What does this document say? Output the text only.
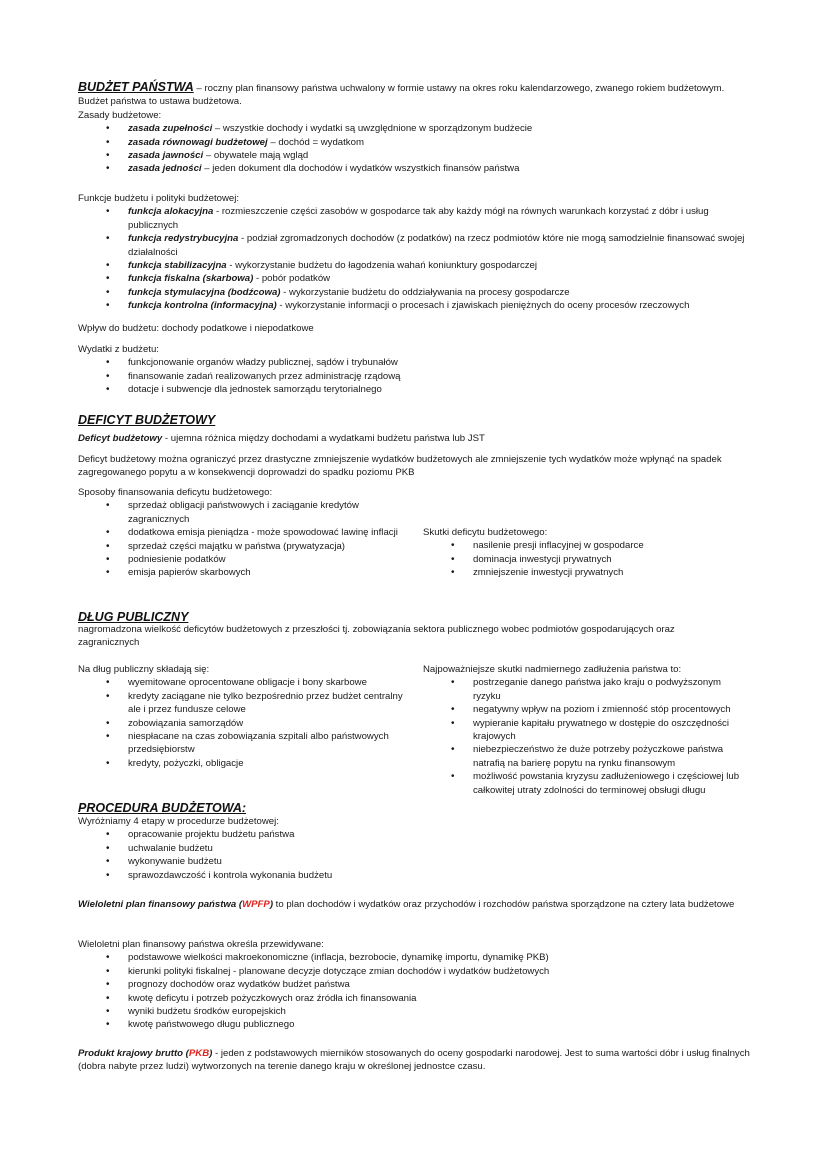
BUDŻET PAŃSTWA – roczny plan finansowy państwa uchwalony w formie ustawy na okres roku kalendarzowego, zwanego rokiem budżetowym. Budżet państwa to ustawa budżetowa.

Zasady budżetowe:

• zasada zupełności – wszystkie dochody i wydatki są uwzględnione w sporządzonym budżecie
• zasada równowagi budżetowej – dochód = wydatkom
• zasada jawności – obywatele mają wgląd
• zasada jedności – jeden dokument dla dochodów i wydatków wszystkich finansów państwa

Funkcje budżetu i polityki budżetowej:

• funkcja alokacyjna - rozmieszczenie części zasobów w gospodarce tak aby każdy mógł na równych warunkach korzystać z dóbr i usług publicznych
• funkcja redystrybucyjna - podział zgromadzonych dochodów (z podatków) na rzecz podmiotów które nie mogą samodzielnie finansować swojej działalności
• funkcja stabilizacyjna - wykorzystanie budżetu do łagodzenia wahań koniunktury gospodarczej
• funkcja fiskalna (skarbowa) - pobór podatków
• funkcja stymulacyjna (bodźcowa) - wykorzystanie budżetu do oddziaływania na procesy gospodarcze
• funkcja kontrolna (informacyjna) - wykorzystanie informacji o procesach i zjawiskach pieniężnych do oceny procesów rzeczowych

Wpływ do budżetu: dochody podatkowe i niepodatkowe

Wydatki z budżetu:

• funkcjonowanie organów władzy publicznej, sądów i trybunałów
• finansowanie zadań realizowanych przez administrację rządową
• dotacje i subwencje dla jednostek samorządu terytorialnego

DEFICYT BUDŻETOWY

Deficyt budżetowy - ujemna różnica między dochodami a wydatkami budżetu państwa lub JST

Deficyt budżetowy można ograniczyć przez drastyczne zmniejszenie wydatków budżetowych ale zmniejszenie tych wydatków może wpłynąć na spadek zagregowanego popytu a w konsekwencji doprowadzi do spadku poziomu PKB

Sposoby finansowania deficytu budżetowego:

• sprzedaż obligacji państwowych i zaciąganie kredytów zagranicznych
• dodatkowa emisja pieniądza - może spowodować lawinę inflacji
• sprzedaż części majątku w państwa (prywatyzacja)
• podniesienie podatków
• emisja papierów skarbowych

Skutki deficytu budżetowego:

• nasilenie presji inflacyjnej w gospodarce
• dominacja inwestycji prywatnych
• zmniejszenie inwestycji prywatnych

DŁUG PUBLICZNY

nagromadzona wielkość deficytów budżetowych z przeszłości tj. zobowiązania sektora publicznego wobec podmiotów gospodarujących oraz zagranicznych

Na dług publiczny składają się:

• wyemitowane oprocentowane obligacje i bony skarbowe
• kredyty zaciągane nie tylko bezpośrednio przez budżet centralny ale i przez fundusze celowe
• zobowiązania samorządów
• niespłacane na czas zobowiązania szpitali albo państwowych przedsiębiorstw
• kredyty, pożyczki, obligacje

Najpoważniejsze skutki nadmiernego zadłużenia państwa to:

• postrzeganie danego państwa jako kraju o podwyższonym ryzyku
• negatywny wpływ na poziom i zmienność stóp procentowych
• wypieranie kapitału prywatnego w dostępie do oszczędności krajowych
• niebezpieczeństwo że duże potrzeby pożyczkowe państwa natrafią na barierę popytu na rynku finansowym
• możliwość powstania kryzysu zadłużeniowego i częściowej lub całkowitej utraty zdolności do terminowej obsługi długu

PROCEDURA BUDŻETOWA:

Wyróżniamy 4 etapy w procedurze budżetowej:

• opracowanie projektu budżetu państwa
• uchwalanie budżetu
• wykonywanie budżetu
• sprawozdawczość i kontrola wykonania budżetu

Wieloletni plan finansowy państwa (WPFP) to plan dochodów i wydatków oraz przychodów i rozchodów państwa sporządzone na cztery lata budżetowe

Wieloletni plan finansowy państwa określa przewidywane:

• podstawowe wielkości makroekonomiczne (inflacja, bezrobocie, dynamikę importu, dynamikę PKB)
• kierunki polityki fiskalnej - planowane decyzje dotyczące zmian dochodów i wydatków budżetowych
• prognozy dochodów oraz wydatków budżet państwa
• kwotę deficytu i potrzeb pożyczkowych oraz źródła ich finansowania
• wyniki budżetu środków europejskich
• kwotę państwowego długu publicznego

Produkt krajowy brutto (PKB) - jeden z podstawowych mierników stosowanych do oceny gospodarki narodowej. Jest to suma wartości dóbr i usług finalnych (dobra nabyte przez ludzi) wytworzonych na terenie danego kraju w określonej jednostce czasu.
